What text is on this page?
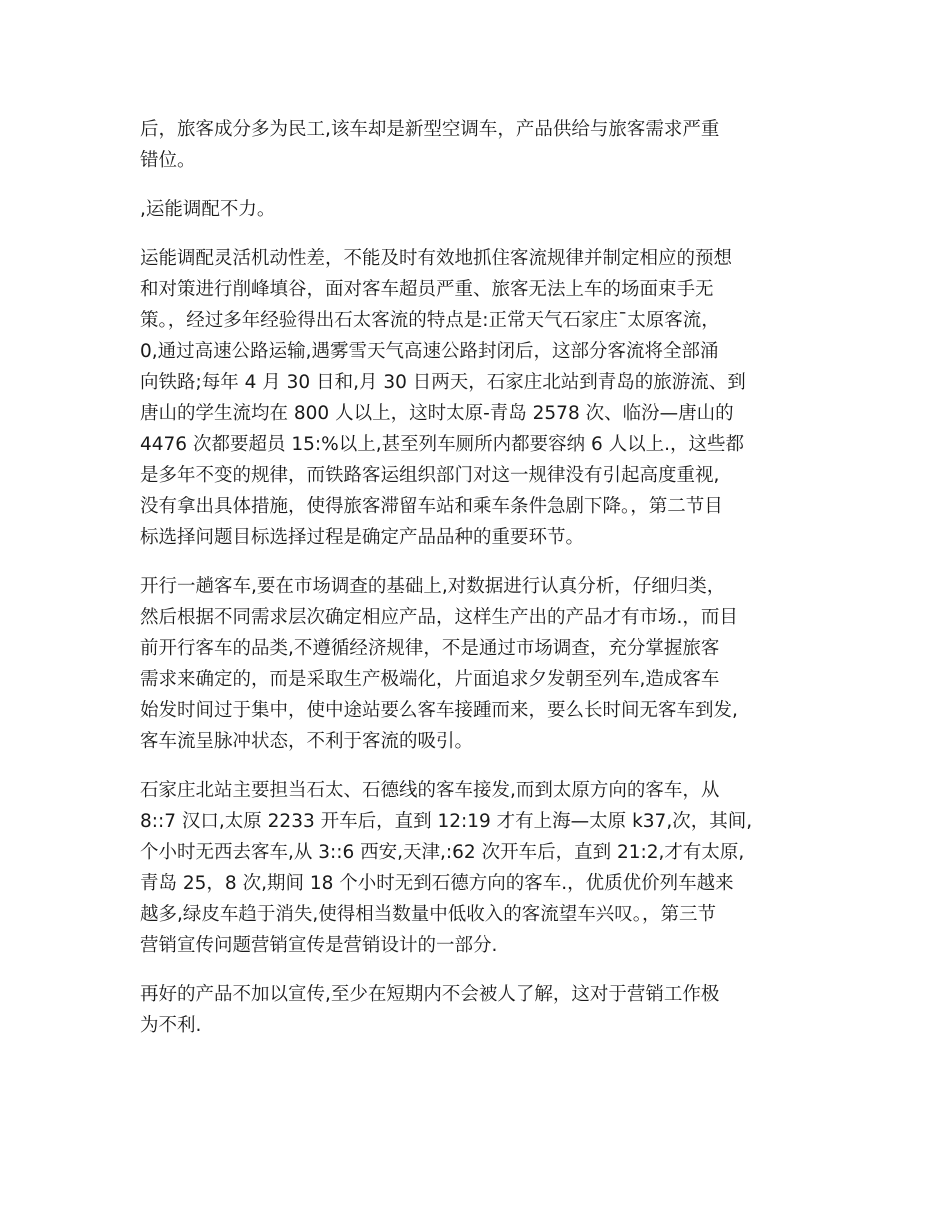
后，旅客成分多为民工,该车却是新型空调车，产品供给与旅客需求严重
错位。

,运能调配不力。

运能调配灵活机动性差，不能及时有效地抓住客流规律并制定相应的预想
和对策进行削峰填谷，面对客车超员严重、旅客无法上车的场面束手无
策。，经过多年经验得出石太客流的特点是:正常天气石家庄¯太原客流，
0,通过高速公路运输,遇雾雪天气高速公路封闭后，这部分客流将全部涌
向铁路;每年 4 月 30 日和,月 30 日两天，石家庄北站到青岛的旅游流、到
唐山的学生流均在 800 人以上，这时太原-青岛 2578 次、临汾—唐山的
4476 次都要超员 15:%以上,甚至列车厕所内都要容纳 6 人以上.，这些都
是多年不变的规律，而铁路客运组织部门对这一规律没有引起高度重视,
没有拿出具体措施，使得旅客滞留车站和乘车条件急剧下降。，第二节目
标选择问题目标选择过程是确定产品品种的重要环节。

开行一趟客车,要在市场调查的基础上,对数据进行认真分析，仔细归类，
然后根据不同需求层次确定相应产品，这样生产出的产品才有市场.，而目
前开行客车的品类,不遵循经济规律，不是通过市场调查，充分掌握旅客
需求来确定的，而是采取生产极端化，片面追求夕发朝至列车,造成客车
始发时间过于集中，使中途站要么客车接踵而来，要么长时间无客车到发,
客车流呈脉冲状态，不利于客流的吸引。

石家庄北站主要担当石太、石德线的客车接发,而到太原方向的客车，从
8::7 汉口,太原 2233 开车后，直到 12:19 才有上海—太原 k37,次，其间,
个小时无西去客车,从 3::6 西安,天津,:62 次开车后，直到 21:2,才有太原,
青岛 25，8 次,期间 18 个小时无到石德方向的客车.，优质优价列车越来
越多,绿皮车趋于消失,使得相当数量中低收入的客流望车兴叹。，第三节
营销宣传问题营销宣传是营销设计的一部分.

再好的产品不加以宣传,至少在短期内不会被人了解，这对于营销工作极
为不利.
